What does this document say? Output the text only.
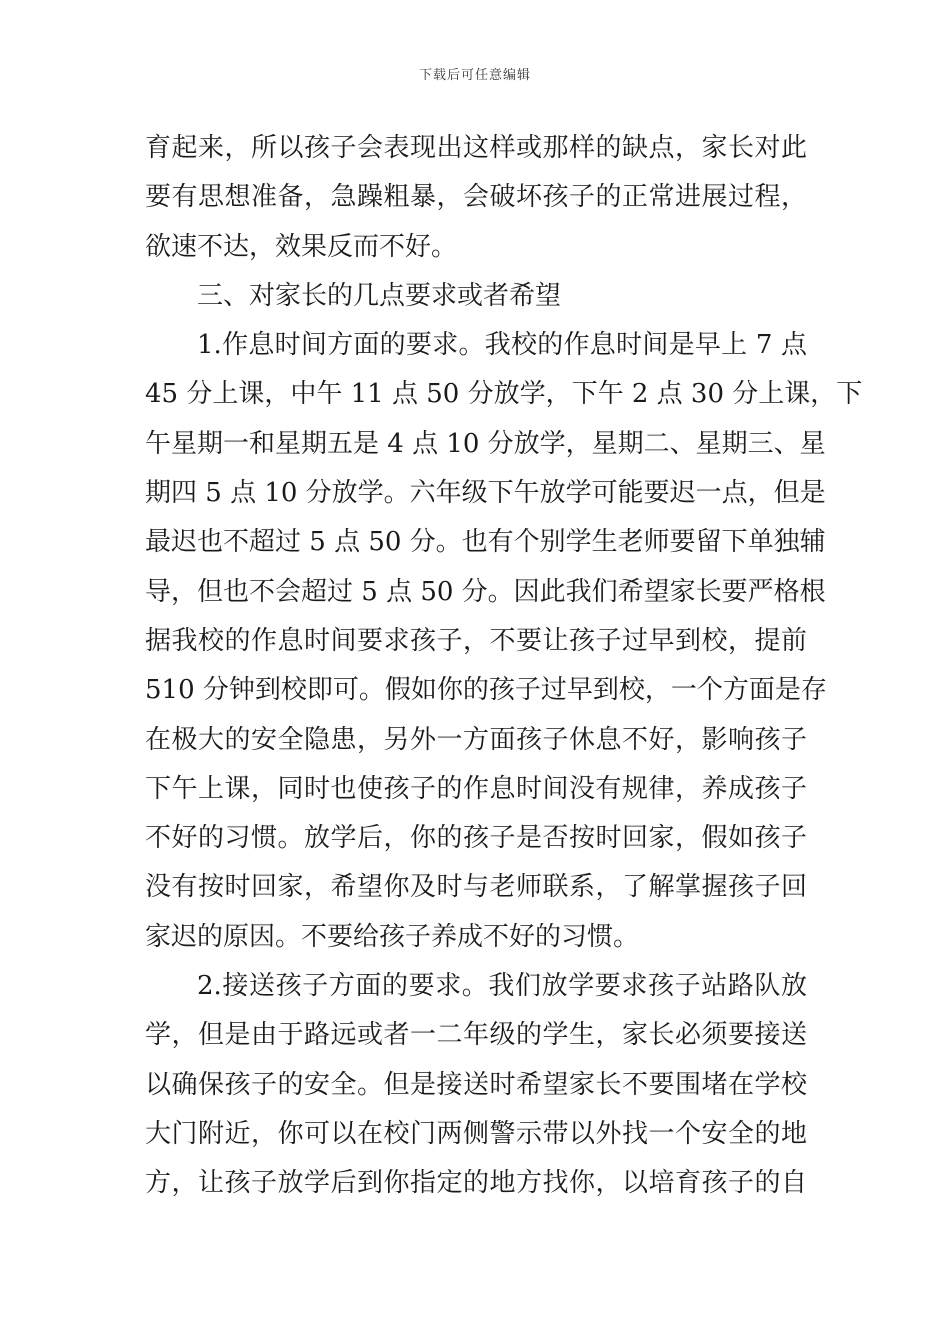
下载后可任意编辑
育起来，所以孩子会表现出这样或那样的缺点，家长对此
要有思想准备，急躁粗暴，会破坏孩子的正常进展过程，
欲速不达，效果反而不好。
三、对家长的几点要求或者希望
1.作息时间方面的要求。我校的作息时间是早上 7 点
45 分上课，中午 11 点 50 分放学，下午 2 点 30 分上课，下
午星期一和星期五是 4 点 10 分放学，星期二、星期三、星
期四 5 点 10 分放学。六年级下午放学可能要迟一点，但是
最迟也不超过 5 点 50 分。也有个别学生老师要留下单独辅
导，但也不会超过 5 点 50 分。因此我们希望家长要严格根
据我校的作息时间要求孩子，不要让孩子过早到校，提前
510 分钟到校即可。假如你的孩子过早到校，一个方面是存
在极大的安全隐患，另外一方面孩子休息不好，影响孩子
下午上课，同时也使孩子的作息时间没有规律，养成孩子
不好的习惯。放学后，你的孩子是否按时回家，假如孩子
没有按时回家，希望你及时与老师联系，了解掌握孩子回
家迟的原因。不要给孩子养成不好的习惯。
2.接送孩子方面的要求。我们放学要求孩子站路队放
学，但是由于路远或者一二年级的学生，家长必须要接送
以确保孩子的安全。但是接送时希望家长不要围堵在学校
大门附近，你可以在校门两侧警示带以外找一个安全的地
方，让孩子放学后到你指定的地方找你，以培育孩子的自
